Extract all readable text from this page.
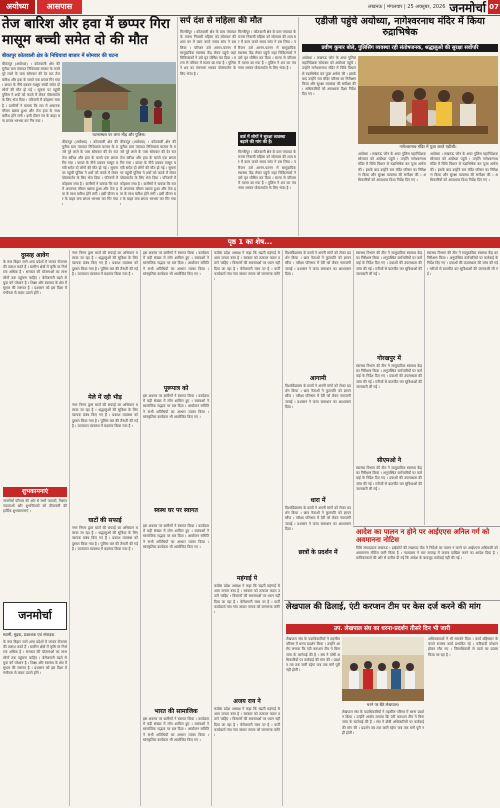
अयोध्या	आसपास	लखनऊ | मंगलवार | 25 अक्तूबर, 2026 जनमोर्चा 07
तेज बारिश और हवा में छप्पर गिरा मासूम बच्ची समेत दो की मौत
बीकापुर कोतवाली क्षेत्र के निधियावां बाजार में सोमवार की घटना
बीकापुर (अयोध्या) । कोतवाली क्षेत्र की मुरौवा ग्राम पंचायत निधियावां बाजार के मजरे पूरे लाले के पास सोमवार की देर रात तेज बारिश और हवा के चलते एक छप्पर गिर गया । छप्पर के नीचे दबकर मासूम बच्ची समेत दो लोगों की मौत हो गई । सूचना पर पहुंची पुलिस ने शवों को कब्जे में लेकर पोस्टमार्टम के लिए भेज दिया । परिजनों में कोहराम मचा है । ग्रामीणों ने बताया कि रात में अचानक मौसम खराब हुआ और तेज हवा के साथ बारिश होने लगी । इसी दौरान घर के बाहर बना छप्पर भरभरा कर गिर गया ।
घटनास्थल पर जमा भीड़ और पुलिस।
बीकापुर (अयोध्या) । कोतवाली क्षेत्र की मुरौवा ग्राम पंचायत निधियावां बाजार के मजरे पूरे लाले के पास सोमवार की देर रात तेज बारिश और हवा के चलते एक छप्पर गिर गया । छप्पर के नीचे दबकर मासूम बच्ची समेत दो लोगों की मौत हो गई । सूचना पर पहुंची पुलिस ने शवों को कब्जे में लेकर पोस्टमार्टम के लिए भेज दिया । परिजनों में कोहराम मचा है । ग्रामीणों ने बताया कि रात में अचानक मौसम खराब हुआ और तेज हवा के साथ बारिश होने लगी । इसी दौरान घर के बाहर बना छप्पर भरभरा कर गिर गया ।
बीकापुर (अयोध्या) । कोतवाली क्षेत्र की मुरौवा ग्राम पंचायत निधियावां बाजार के मजरे पूरे लाले के पास सोमवार की देर रात तेज बारिश और हवा के चलते एक छप्पर गिर गया । छप्पर के नीचे दबकर मासूम बच्ची समेत दो लोगों की मौत हो गई । सूचना पर पहुंची पुलिस ने शवों को कब्जे में लेकर पोस्टमार्टम के लिए भेज दिया । परिजनों में कोहराम मचा है । ग्रामीणों ने बताया कि रात में अचानक मौसम खराब हुआ और तेज हवा के साथ बारिश होने लगी । इसी दौरान घर के बाहर बना छप्पर भरभरा कर गिर गया ।
सर्प दंश से महिला की मौत
मिल्कीपुर । कोतवाली क्षेत्र के ग्राम पंचायत के मजरा निवासी महिला को सोमवार की शाम घर में काम करते समय सांप ने डस लिया । परिजन उसे आनन-फानन में सामुदायिक स्वास्थ्य केंद्र लेकर पहुंचे जहां चिकित्सकों ने उसे मृत घोषित कर दिया । घटना से परिवार में मातम छा गया है । पुलिस ने शव का पंचनामा भरकर पोस्टमार्टम के लिए भेजा है ।
मिल्कीपुर । कोतवाली क्षेत्र के ग्राम पंचायत के मजरा निवासी महिला को सोमवार की शाम घर में काम करते समय सांप ने डस लिया । परिजन उसे आनन-फानन में सामुदायिक स्वास्थ्य केंद्र लेकर पहुंचे जहां चिकित्सकों ने उसे मृत घोषित कर दिया । घटना से परिवार में मातम छा गया है । पुलिस ने शव का पंचनामा भरकर पोस्टमार्टम के लिए भेजा है ।
वार्ड में लोगों ने सुरक्षा व्यवस्था बढ़ाने की मांग की है।
मिल्कीपुर । कोतवाली क्षेत्र के ग्राम पंचायत के मजरा निवासी महिला को सोमवार की शाम घर में काम करते समय सांप ने डस लिया । परिजन उसे आनन-फानन में सामुदायिक स्वास्थ्य केंद्र लेकर पहुंचे जहां चिकित्सकों ने उसे मृत घोषित कर दिया । घटना से परिवार में मातम छा गया है । पुलिस ने शव का पंचनामा भरकर पोस्टमार्टम के लिए भेजा है ।
एडीजी पहुंचे अयोध्या, नागेश्वरनाथ मंदिर में किया रुद्राभिषेक
प्रवीण कुमार बोले, पुलिसिंग व्यवस्था रही संतोषजनक, श्रद्धालुओं की सुरक्षा सर्वोपरि
अयोध्या । लखनऊ जोन के अपर पुलिस महानिदेशक सोमवार को अयोध्या पहुंचे । उन्होंने नागेश्वरनाथ मंदिर में विधि विधान से रुद्राभिषेक कर पूजा अर्चना की । इसके बाद उन्होंने राम मंदिर परिसर का निरीक्षण किया और सुरक्षा व्यवस्था की समीक्षा की । अधिकारियों को आवश्यक दिशा निर्देश दिए गए ।
नागेश्वरनाथ मंदिर में पूजा करते एडीजी।
अयोध्या । लखनऊ जोन के अपर पुलिस महानिदेशक सोमवार को अयोध्या पहुंचे । उन्होंने नागेश्वरनाथ मंदिर में विधि विधान से रुद्राभिषेक कर पूजा अर्चना की । इसके बाद उन्होंने राम मंदिर परिसर का निरीक्षण किया और सुरक्षा व्यवस्था की समीक्षा की । अधिकारियों को आवश्यक दिशा निर्देश दिए गए ।
अयोध्या । लखनऊ जोन के अपर पुलिस महानिदेशक सोमवार को अयोध्या पहुंचे । उन्होंने नागेश्वरनाथ मंदिर में विधि विधान से रुद्राभिषेक कर पूजा अर्चना की । इसके बाद उन्होंने राम मंदिर परिसर का निरीक्षण किया और सुरक्षा व्यवस्था की समीक्षा की । अधिकारियों को आवश्यक दिशा निर्देश दिए गए ।
पृष्ठ 1 का शेष...
दुस्सह आवेग
के राज बिहार जाने अन्य प्रदेशों में जाकर रोजगार की तलाश करते हैं । ग्रामीण क्षेत्रों में कृषि पर निर्भरता अधिक है । सरकार की योजनाओं का लाभ लोगों तक पहुंचना चाहिए । बेरोजगारी बढ़ने से युवा वर्ग परेशान है । शिक्षा और स्वास्थ्य के क्षेत्र में सुधार की जरूरत है । प्रशासन को इस दिशा में गंभीरता से कदम उठाने होंगे ।
शुभकामनाएं
जनमोर्चा परिवार की ओर से सभी पाठकों, विज्ञापनदाताओं और शुभचिंतकों को दीपावली की हार्दिक शुभकामनाएं ।
जनमोर्चा
स्वामी, मुद्रक, प्रकाशक एवं संपादक
के राज बिहार जाने अन्य प्रदेशों में जाकर रोजगार की तलाश करते हैं । ग्रामीण क्षेत्रों में कृषि पर निर्भरता अधिक है । सरकार की योजनाओं का लाभ लोगों तक पहुंचना चाहिए । बेरोजगारी बढ़ने से युवा वर्ग परेशान है । शिक्षा और स्वास्थ्य के क्षेत्र में सुधार की जरूरत है । प्रशासन को इस दिशा में गंभीरता से कदम उठाने होंगे ।
नगर निगम द्वारा घाटों की सफाई का अभियान चलाया जा रहा है । श्रद्धालुओं की सुविधा के लिए व्यापक प्रबंध किए गए हैं । प्रकाश व्यवस्था को दुरुस्त किया गया है । पुलिस बल की तैनाती की गई है । यातायात व्यवस्था में बदलाव किया गया है ।
मेले में रही भीड़
नगर निगम द्वारा घाटों की सफाई का अभियान चलाया जा रहा है । श्रद्धालुओं की सुविधा के लिए व्यापक प्रबंध किए गए हैं । प्रकाश व्यवस्था को दुरुस्त किया गया है । पुलिस बल की तैनाती की गई है । यातायात व्यवस्था में बदलाव किया गया है ।
घाटों की सफाई
नगर निगम द्वारा घाटों की सफाई का अभियान चलाया जा रहा है । श्रद्धालुओं की सुविधा के लिए व्यापक प्रबंध किए गए हैं । प्रकाश व्यवस्था को दुरुस्त किया गया है । पुलिस बल की तैनाती की गई है । यातायात व्यवस्था में बदलाव किया गया है ।
इस अवसर पर ग्रामीणों ने स्वागत किया । कार्यक्रम में बड़ी संख्या में लोग शामिल हुए । वक्ताओं ने सामाजिक सद्भाव पर बल दिया । आयोजन समिति ने सभी अतिथियों का आभार व्यक्त किया । सांस्कृतिक कार्यक्रम भी आयोजित किए गए ।
पूरूपात्र को
इस अवसर पर ग्रामीणों ने स्वागत किया । कार्यक्रम में बड़ी संख्या में लोग शामिल हुए । वक्ताओं ने सामाजिक सद्भाव पर बल दिया । आयोजन समिति ने सभी अतिथियों का आभार व्यक्त किया । सांस्कृतिक कार्यक्रम भी आयोजित किए गए ।
स्वस्थ घर पर स्वागत
इस अवसर पर ग्रामीणों ने स्वागत किया । कार्यक्रम में बड़ी संख्या में लोग शामिल हुए । वक्ताओं ने सामाजिक सद्भाव पर बल दिया । आयोजन समिति ने सभी अतिथियों का आभार व्यक्त किया । सांस्कृतिक कार्यक्रम भी आयोजित किए गए ।
भारत की सामाजिक
इस अवसर पर ग्रामीणों ने स्वागत किया । कार्यक्रम में बड़ी संख्या में लोग शामिल हुए । वक्ताओं ने सामाजिक सद्भाव पर बल दिया । आयोजन समिति ने सभी अतिथियों का आभार व्यक्त किया । सांस्कृतिक कार्यक्रम भी आयोजित किए गए ।
कांग्रेस प्रदेश अध्यक्ष ने कहा कि बढ़ती महंगाई से आम जनता त्रस्त है । सरकार को तत्काल कदम उठाने चाहिए । किसानों की समस्याओं पर ध्यान नहीं दिया जा रहा है । बेरोजगारी चरम पर है । पार्टी कार्यकर्ता गांव गांव जाकर जनता को जागरूक करेंगे ।
महंगाई पे
कांग्रेस प्रदेश अध्यक्ष ने कहा कि बढ़ती महंगाई से आम जनता त्रस्त है । सरकार को तत्काल कदम उठाने चाहिए । किसानों की समस्याओं पर ध्यान नहीं दिया जा रहा है । बेरोजगारी चरम पर है । पार्टी कार्यकर्ता गांव गांव जाकर जनता को जागरूक करेंगे ।
अजय राय ने
कांग्रेस प्रदेश अध्यक्ष ने कहा कि बढ़ती महंगाई से आम जनता त्रस्त है । सरकार को तत्काल कदम उठाने चाहिए । किसानों की समस्याओं पर ध्यान नहीं दिया जा रहा है । बेरोजगारी चरम पर है । पार्टी कार्यकर्ता गांव गांव जाकर जनता को जागरूक करेंगे ।
विश्वविद्यालय के छात्रों ने अपनी मांगों को लेकर प्रदर्शन किया । छात्र नेताओं ने कुलपति को ज्ञापन सौंपा । परीक्षा परिणाम में देरी को लेकर नाराजगी जताई । प्रशासन ने जल्द समाधान का आश्वासन दिया ।
आगामी
विश्वविद्यालय के छात्रों ने अपनी मांगों को लेकर प्रदर्शन किया । छात्र नेताओं ने कुलपति को ज्ञापन सौंपा । परीक्षा परिणाम में देरी को लेकर नाराजगी जताई । प्रशासन ने जल्द समाधान का आश्वासन दिया ।
धारा में
विश्वविद्यालय के छात्रों ने अपनी मांगों को लेकर प्रदर्शन किया । छात्र नेताओं ने कुलपति को ज्ञापन सौंपा । परीक्षा परिणाम में देरी को लेकर नाराजगी जताई । प्रशासन ने जल्द समाधान का आश्वासन दिया ।
छात्रों के प्रदर्शन में
स्वास्थ्य विभाग की टीम ने सामुदायिक स्वास्थ्य केंद्र का निरीक्षण किया । अनुपस्थित कर्मचारियों पर कार्रवाई के निर्देश दिए गए । दवाओं की उपलब्धता की जांच की गई । मरीजों से बातचीत कर सुविधाओं की जानकारी ली गई ।
गोरखपुर में
स्वास्थ्य विभाग की टीम ने सामुदायिक स्वास्थ्य केंद्र का निरीक्षण किया । अनुपस्थित कर्मचारियों पर कार्रवाई के निर्देश दिए गए । दवाओं की उपलब्धता की जांच की गई । मरीजों से बातचीत कर सुविधाओं की जानकारी ली गई ।
सीएमओ ने
स्वास्थ्य विभाग की टीम ने सामुदायिक स्वास्थ्य केंद्र का निरीक्षण किया । अनुपस्थित कर्मचारियों पर कार्रवाई के निर्देश दिए गए । दवाओं की उपलब्धता की जांच की गई । मरीजों से बातचीत कर सुविधाओं की जानकारी ली गई ।
स्वास्थ्य विभाग की टीम ने सामुदायिक स्वास्थ्य केंद्र का निरीक्षण किया । अनुपस्थित कर्मचारियों पर कार्रवाई के निर्देश दिए गए । दवाओं की उपलब्धता की जांच की गई । मरीजों से बातचीत कर सुविधाओं की जानकारी ली गई ।
आदेश का पालन न होने पर आईएएस अनिल गर्ग को अवमानना नोटिस
विधि संवाददाता लखनऊ । हाईकोर्ट की लखनऊ पीठ ने निर्देशों का पालन न करने पर आईएएस अधिकारी को अवमानना नोटिस जारी किया है । न्यायालय ने चार सप्ताह में जवाब दाखिल करने का आदेश दिया है । याचिकाकर्ता की ओर से दलील दी गई कि आदेश के बावजूद कार्रवाई नहीं की गई ।
लेखपाल की ढिलाई, एंटी करप्शन टीम पर केस दर्ज करने की मांग
उप. लेखपाल संघ का धरना-प्रदर्शन तीसरे दिन भी जारी
लेखपाल संघ के पदाधिकारियों ने तहसील परिसर में धरना प्रदर्शन किया । उन्होंने आरोप लगाया कि एंटी करप्शन टीम ने बिना जांच के कार्रवाई की है । संघ ने दोषी अधिकारियों पर कार्रवाई की मांग की । प्रदर्शन तब तक जारी रहेगा जब तक मांगें पूरी नहीं होतीं ।
धरने पर बैठे लेखपाल।
लेखपाल संघ के पदाधिकारियों ने तहसील परिसर में धरना प्रदर्शन किया । उन्होंने आरोप लगाया कि एंटी करप्शन टीम ने बिना जांच के कार्रवाई की है । संघ ने दोषी अधिकारियों पर कार्रवाई की मांग की । प्रदर्शन तब तक जारी रहेगा जब तक मांगें पूरी नहीं होतीं ।
अधिवक्ताओं ने भी समर्थन दिया । कार्य बहिष्कार के चलते राजस्व कार्य प्रभावित रहे । फरियादी परेशान होकर लौट गए । जिलाधिकारी से वार्ता का प्रयास किया जा रहा है ।
